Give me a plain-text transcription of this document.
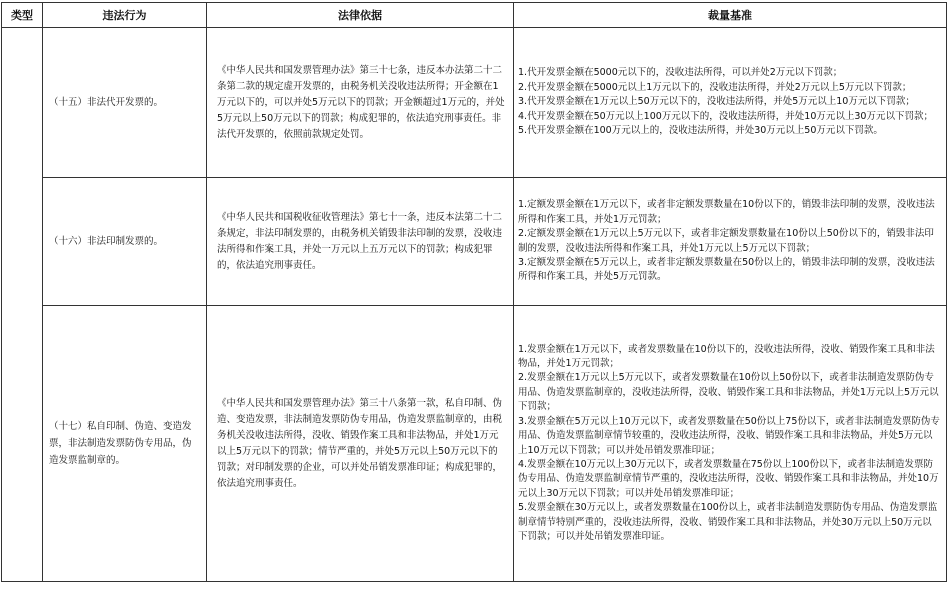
类型	违法行为	法律依据	裁量基准

	（十五）非法代开发票的。	《中华人民共和国发票管理办法》第三十七条，违反本办法第二十二条第二款的规定虚开发票的，由税务机关没收违法所得；开金额在1万元以下的，可以并处5万元以下的罚款；开金额超过1万元的，并处5万元以上50万元以下的罚款；构成犯罪的，依法追究刑事责任。非法代开发票的，依照前款规定处罚。	1.代开发票金额在5000元以下的，没收违法所得，可以并处2万元以下罚款；

2.代开发票金额在5000元以上1万元以下的，没收违法所得，并处2万元以上5万元以下罚款；

3.代开发票金额在1万元以上50万元以下的，没收违法所得，并处5万元以上10万元以下罚款；

4.代开发票金额在50万元以上100万元以下的，没收违法所得，并处10万元以上30万元以下罚款；

5.代开发票金额在100万元以上的，没收违法所得，并处30万元以上50万元以下罚款。

	（十六）非法印制发票的。	《中华人民共和国税收征收管理法》第七十一条，违反本法第二十二条规定，非法印制发票的，由税务机关销毁非法印制的发票，没收违法所得和作案工具，并处一万元以上五万元以下的罚款；构成犯罪的，依法追究刑事责任。	1.定额发票金额在1万元以下，或者非定额发票数量在10份以下的，销毁非法印制的发票，没收违法所得和作案工具，并处1万元罚款；

2.定额发票金额在1万元以上5万元以下，或者非定额发票数量在10份以上50份以下的，销毁非法印制的发票，没收违法所得和作案工具，并处1万元以上5万元以下罚款；

3.定额发票金额在5万元以上，或者非定额发票数量在50份以上的，销毁非法印制的发票，没收违法所得和作案工具，并处5万元罚款。

	（十七）私自印制、伪造、变造发票，非法制造发票防伪专用品，伪造发票监制章的。	《中华人民共和国发票管理办法》第三十八条第一款，私自印制、伪造、变造发票，非法制造发票防伪专用品，伪造发票监制章的，由税务机关没收违法所得，没收、销毁作案工具和非法物品，并处1万元以上5万元以下的罚款；情节严重的，并处5万元以上50万元以下的罚款；对印制发票的企业，可以并处吊销发票准印证；构成犯罪的，依法追究刑事责任。	1.发票金额在1万元以下，或者发票数量在10份以下的，没收违法所得，没收、销毁作案工具和非法物品，并处1万元罚款；

2.发票金额在1万元以上5万元以下，或者发票数量在10份以上50份以下，或者非法制造发票防伪专用品、伪造发票监制章的，没收违法所得，没收、销毁作案工具和非法物品，并处1万元以上5万元以下罚款；

3.发票金额在5万元以上10万元以下，或者发票数量在50份以上75份以下，或者非法制造发票防伪专用品、伪造发票监制章情节较重的，没收违法所得，没收、销毁作案工具和非法物品，并处5万元以上10万元以下罚款；可以并处吊销发票准印证；

4.发票金额在10万元以上30万元以下，或者发票数量在75份以上100份以下，或者非法制造发票防伪专用品、伪造发票监制章情节严重的，没收违法所得，没收、销毁作案工具和非法物品，并处10万元以上30万元以下罚款；可以并处吊销发票准印证；

5.发票金额在30万元以上，或者发票数量在100份以上，或者非法制造发票防伪专用品、伪造发票监制章情节特别严重的，没收违法所得，没收、销毁作案工具和非法物品，并处30万元以上50万元以下罚款；可以并处吊销发票准印证。
